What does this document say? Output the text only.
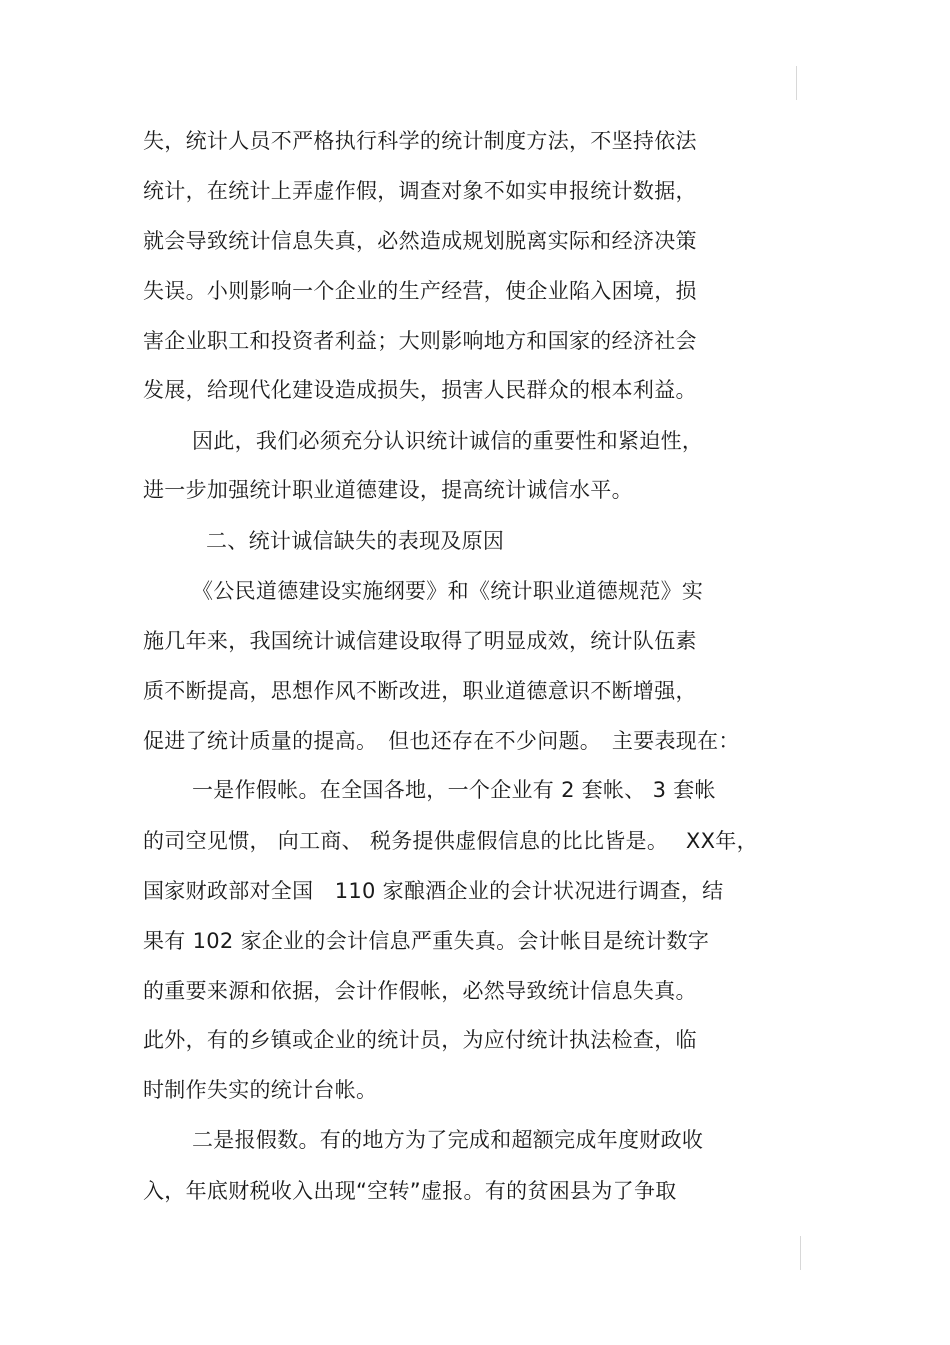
失，统计人员不严格执行科学的统计制度方法，不坚持依法
统计，在统计上弄虚作假，调查对象不如实申报统计数据，
就会导致统计信息失真，必然造成规划脱离实际和经济决策
失误。小则影响一个企业的生产经营，使企业陷入困境，损
害企业职工和投资者利益；大则影响地方和国家的经济社会
发展，给现代化建设造成损失，损害人民群众的根本利益。
因此，我们必须充分认识统计诚信的重要性和紧迫性，
进一步加强统计职业道德建设，提高统计诚信水平。
二、统计诚信缺失的表现及原因
《公民道德建设实施纲要》和《统计职业道德规范》实
施几年来，我国统计诚信建设取得了明显成效，统计队伍素
质不断提高，思想作风不断改进，职业道德意识不断增强，
促进了统计质量的提高。　但也还存在不少问题。　主要表现在：
一是作假帐。在全国各地，一个企业有 2 套帐、 3 套帐
的司空见惯， 向工商、 税务提供虚假信息的比比皆是。　 XX年，
国家财政部对全国　110 家酿酒企业的会计状况进行调查，结
果有 102 家企业的会计信息严重失真。会计帐目是统计数字
的重要来源和依据，会计作假帐，必然导致统计信息失真。
此外，有的乡镇或企业的统计员，为应付统计执法检查，临
时制作失实的统计台帐。
二是报假数。有的地方为了完成和超额完成年度财政收
入，年底财税收入出现“空转”虚报。有的贫困县为了争取
